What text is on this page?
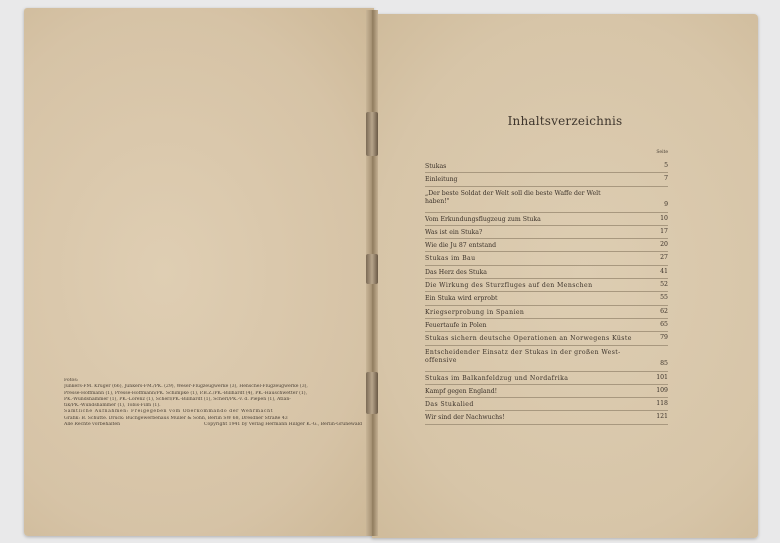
Fotos:
Junkers-FM. Krüger (66), Junkers-FM./PK. (29), Weser-Flugzeugwerke (3), Henschel-Flugzeugwerke (3),
Presse-Hoffmann (1), Presse-Hoffmann/PK. Schimpke (1), P.B.Z./PK.-Billhardt (4), PK.-Hauschwetter (1),
PK.-Wundshammer (1), PK.-Lorenz (1), Scherl/PK.-Billhardt (1), Scherl/PK.-v. d. Piepen (1), Atlan-
tik/PK.-Wundshammer (1), Tobis-Film (1).
Sämtliche Aufnahmen: Freigegeben vom Oberkommando der Wehrmacht
Grafik: B. Schütte. Druck: Buchgewerbehaus Müller & Sohn, Berlin SW 68, Dresdner Straße 43
Alle Rechte vorbehalten	Copyright 1941 by Verlag Hermann Hillger K.-G., Berlin-Grunewald
Inhaltsverzeichnis
Seite
Stukas	5
Einleitung	7
„Der beste Soldat der Welt soll die beste Waffe der Welt
haben!"	9
Vom Erkundungsflugzeug zum Stuka	10
Was ist ein Stuka?	17
Wie die Ju 87 entstand	20
Stukas im Bau	27
Das Herz des Stuka	41
Die Wirkung des Sturzfluges auf den Menschen	52
Ein Stuka wird erprobt	55
Kriegserprobung in Spanien	62
Feuertaufe in Polen	65
Stukas sichern deutsche Operationen an Norwegens Küste	79
Entscheidender Einsatz der Stukas in der großen West-
offensive	85
Stukas im Balkanfeldzug und Nordafrika	101
Kampf gegen England!	109
Das Stukalied	118
Wir sind der Nachwuchs!	121
